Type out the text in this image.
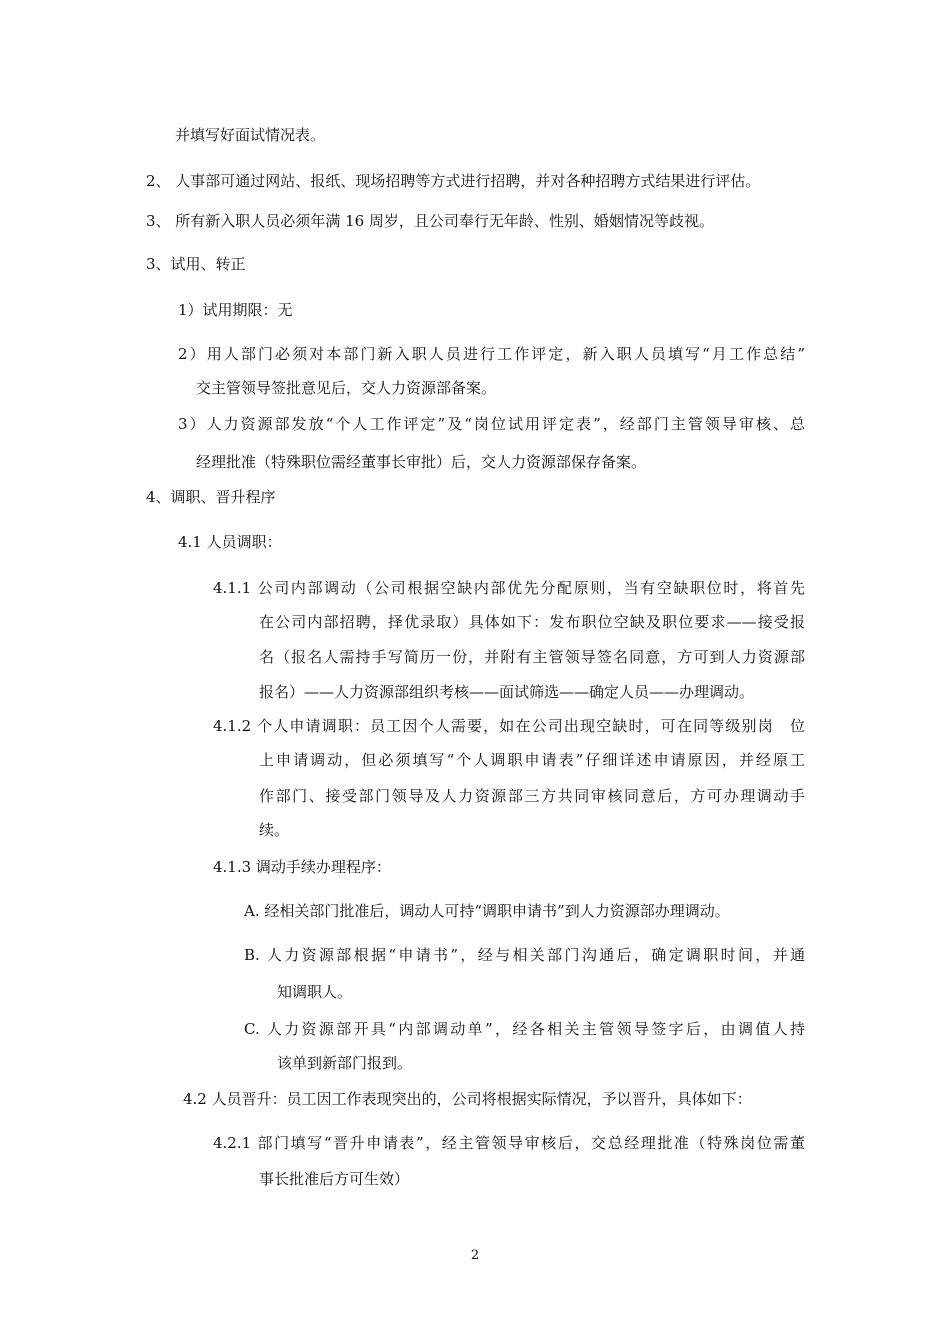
并填写好面试情况表。
2、 人事部可通过网站、报纸、现场招聘等方式进行招聘，并对各种招聘方式结果进行评估。
3、 所有新入职人员必须年满 16 周岁，且公司奉行无年龄、性别、婚姻情况等歧视。
3、试用、转正
1）试用期限：无
2）用人部门必须对本部门新入职人员进行工作评定，新入职人员填写“月工作总结”
交主管领导签批意见后，交人力资源部备案。
3）人力资源部发放“个人工作评定”及“岗位试用评定表”，经部门主管领导审核、总
经理批准（特殊职位需经董事长审批）后，交人力资源部保存备案。
4、调职、晋升程序
4.1 人员调职：
4.1.1 公司内部调动（公司根据空缺内部优先分配原则，当有空缺职位时，将首先
在公司内部招聘，择优录取）具体如下：发布职位空缺及职位要求——接受报
名（报名人需持手写简历一份，并附有主管领导签名同意，方可到人力资源部
报名）——人力资源部组织考核——面试筛选——确定人员——办理调动。
4.1.2 个人申请调职：员工因个人需要，如在公司出现空缺时，可在同等级别岗　位
上申请调动，但必须填写“个人调职申请表”仔细详述申请原因，并经原工
作部门、接受部门领导及人力资源部三方共同审核同意后，方可办理调动手
续。
4.1.3 调动手续办理程序：
A. 经相关部门批准后，调动人可持“调职申请书”到人力资源部办理调动。
B. 人力资源部根据“申请书”，经与相关部门沟通后，确定调职时间，并通
知调职人。
C. 人力资源部开具“内部调动单”，经各相关主管领导签字后，由调值人持
该单到新部门报到。
4.2 人员晋升：员工因工作表现突出的，公司将根据实际情况，予以晋升，具体如下：
4.2.1 部门填写“晋升申请表”，经主管领导审核后，交总经理批准（特殊岗位需董
事长批准后方可生效）
2
